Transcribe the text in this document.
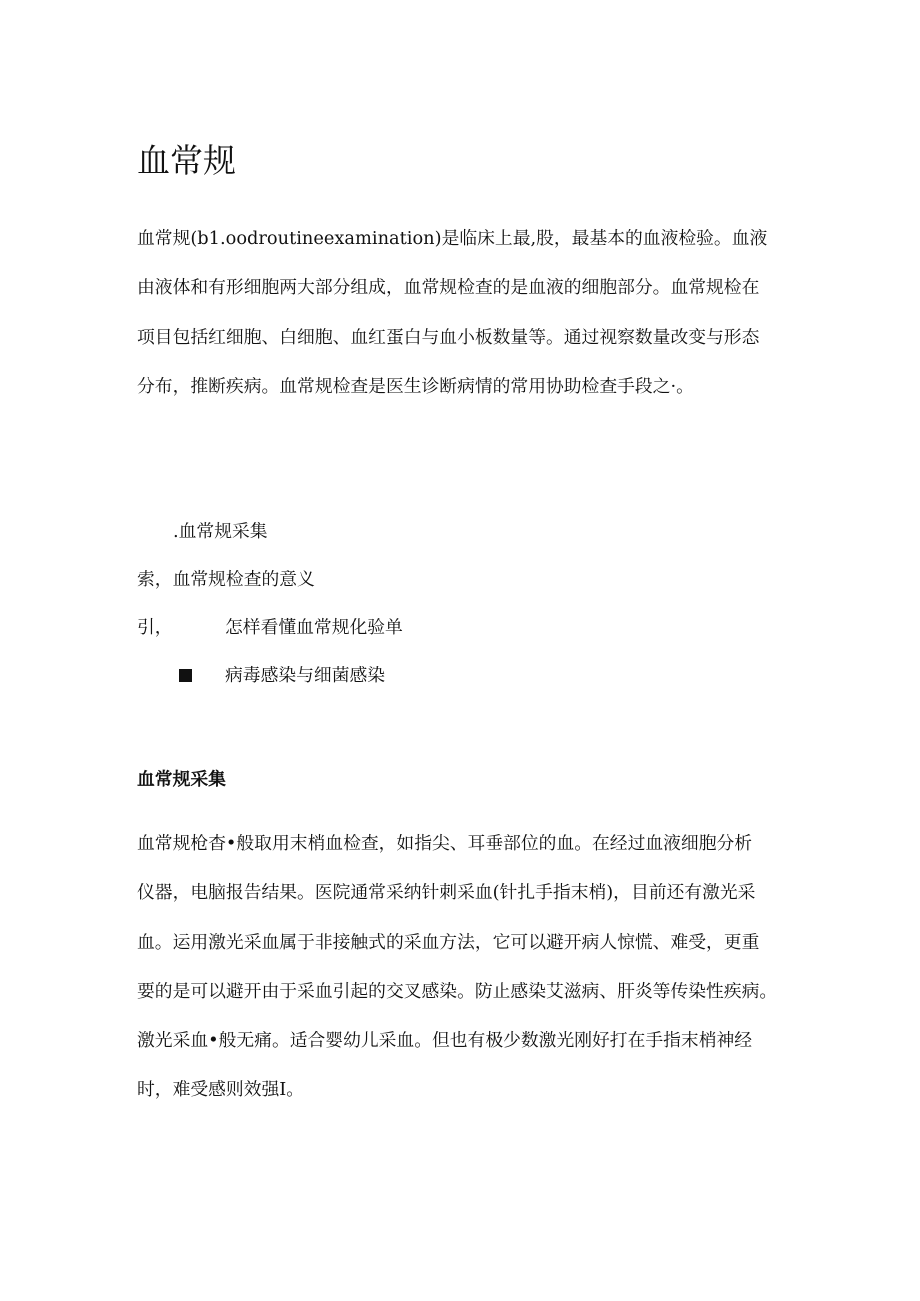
血常规
血常规(b1.oodroutineexamination)是临床上最,股，最基本的血液检验。血液
由液体和有形细胞两大部分组成，血常规检查的是血液的细胞部分。血常规检在
项目包括红细胞、白细胞、血红蛋白与血小板数量等。通过视察数量改变与形态
分布，推断疾病。血常规检查是医生诊断病情的常用协助检查手段之·。
.血常规采集
索，血常规检查的意义
引，	怎样看懂血常规化验单
病毒感染与细菌感染
血常规采集
血常规枪杳•般取用末梢血检查，如指尖、耳垂部位的血。在经过血液细胞分析
仪器，电脑报告结果。医院通常采纳针刺采血(针扎手指末梢)，目前还有激光采
血。运用激光采血属于非接触式的采血方法，它可以避开病人惊慌、难受，更重
要的是可以避开由于采血引起的交叉感染。防止感染艾滋病、肝炎等传染性疾病。
激光采血•般无痛。适合婴幼儿采血。但也有极少数激光刚好打在手指末梢神经
时，难受感则效强I。
